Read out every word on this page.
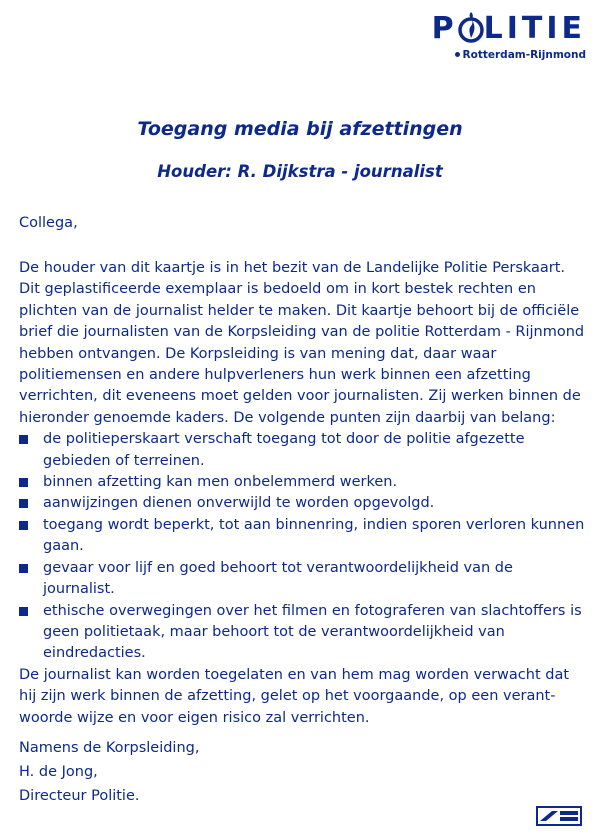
P LITIE
Rotterdam-Rijnmond
Toegang media bij afzettingen
Houder: R. Dijkstra - journalist
Collega,

De houder van dit kaartje is in het bezit van de Landelijke Politie Perskaart. Dit geplastificeerde exemplaar is bedoeld om in kort bestek rechten en plichten van de journalist helder te maken. Dit kaartje behoort bij de officiële brief die journalisten van de Korpsleiding van de politie Rotterdam - Rijnmond hebben ontvangen. De Korpsleiding is van mening dat, daar waar politiemensen en andere hulpverleners hun werk binnen een afzetting verrichten, dit eveneens moet gelden voor journalisten. Zij werken binnen de hieronder genoemde kaders. De volgende punten zijn daarbij van belang:

de politieperskaart verschaft toegang tot door de politie afgezette gebieden of terreinen.
binnen afzetting kan men onbelemmerd werken.
aanwijzingen dienen onverwijld te worden opgevolgd.
toegang wordt beperkt, tot aan binnenring, indien sporen verloren kunnen gaan.
gevaar voor lijf en goed behoort tot verantwoordelijkheid van de journalist.
ethische overwegingen over het filmen en fotograferen van slachtoffers is geen politietaak, maar behoort tot de verantwoordelijkheid van eindredacties.

De journalist kan worden toegelaten en van hem mag worden verwacht dat hij zijn werk binnen de afzetting, gelet op het voorgaande, op een verant-woorde wijze en voor eigen risico zal verrichten.

Namens de Korpsleiding,
H. de Jong,
Directeur Politie.
